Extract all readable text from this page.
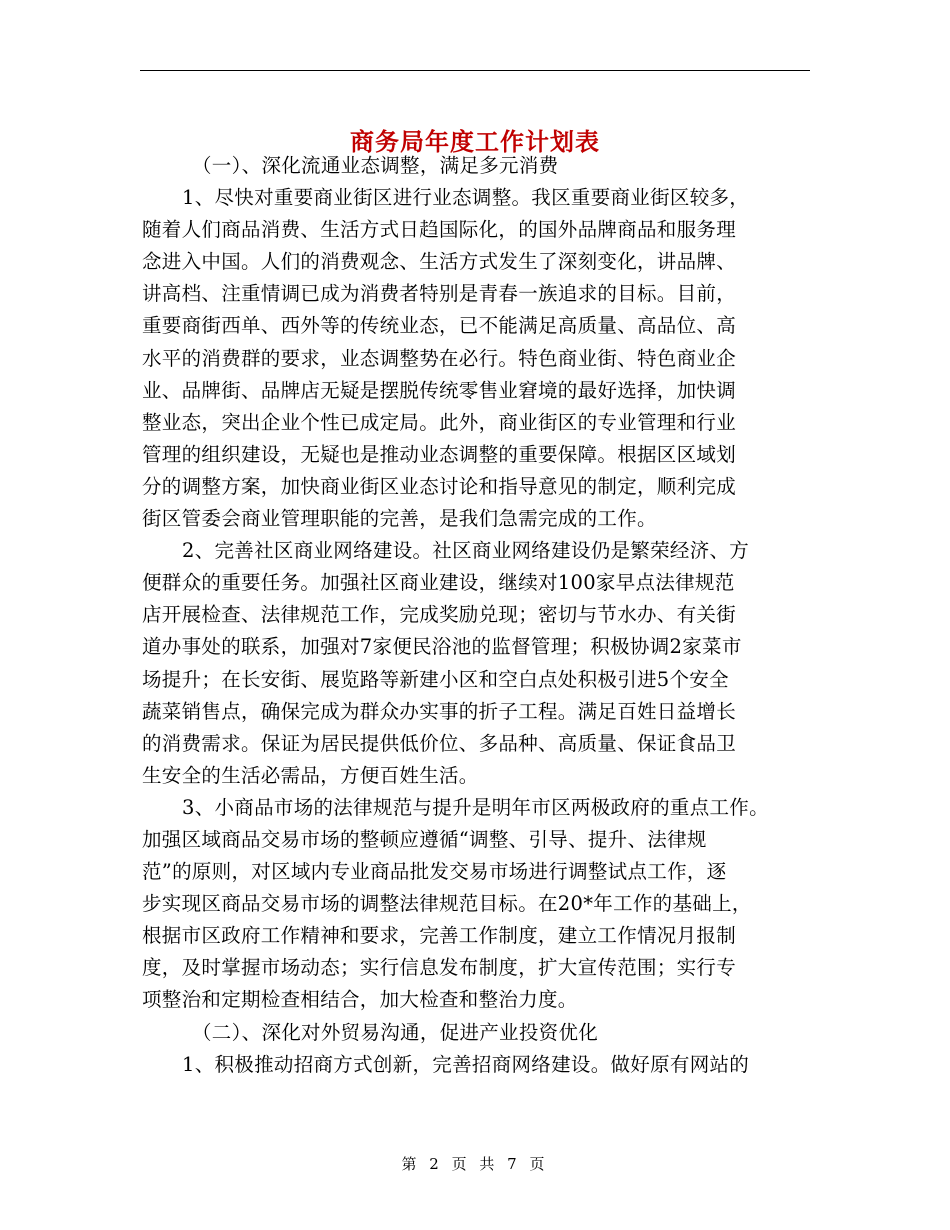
商务局年度工作计划表
（一）、深化流通业态调整，满足多元消费
1、尽快对重要商业街区进行业态调整。我区重要商业街区较多，
随着人们商品消费、生活方式日趋国际化，的国外品牌商品和服务理
念进入中国。人们的消费观念、生活方式发生了深刻变化，讲品牌、
讲高档、注重情调已成为消费者特别是青春一族追求的目标。目前，
重要商街西单、西外等的传统业态，已不能满足高质量、高品位、高
水平的消费群的要求，业态调整势在必行。特色商业街、特色商业企
业、品牌街、品牌店无疑是摆脱传统零售业窘境的最好选择，加快调
整业态，突出企业个性已成定局。此外，商业街区的专业管理和行业
管理的组织建设，无疑也是推动业态调整的重要保障。根据区区域划
分的调整方案，加快商业街区业态讨论和指导意见的制定，顺利完成
街区管委会商业管理职能的完善，是我们急需完成的工作。
2、完善社区商业网络建设。社区商业网络建设仍是繁荣经济、方
便群众的重要任务。加强社区商业建设，继续对100家早点法律规范
店开展检查、法律规范工作，完成奖励兑现；密切与节水办、有关街
道办事处的联系，加强对7家便民浴池的监督管理；积极协调2家菜市
场提升；在长安街、展览路等新建小区和空白点处积极引进5个安全
蔬菜销售点，确保完成为群众办实事的折子工程。满足百姓日益增长
的消费需求。保证为居民提供低价位、多品种、高质量、保证食品卫
生安全的生活必需品，方便百姓生活。
3、小商品市场的法律规范与提升是明年市区两极政府的重点工作。
加强区域商品交易市场的整顿应遵循“调整、引导、提升、法律规
范”的原则，对区域内专业商品批发交易市场进行调整试点工作，逐
步实现区商品交易市场的调整法律规范目标。在20*年工作的基础上，
根据市区政府工作精神和要求，完善工作制度，建立工作情况月报制
度，及时掌握市场动态；实行信息发布制度，扩大宣传范围；实行专
项整治和定期检查相结合，加大检查和整治力度。
（二）、深化对外贸易沟通，促进产业投资优化
1、积极推动招商方式创新，完善招商网络建设。做好原有网站的
第 2 页 共 7 页
